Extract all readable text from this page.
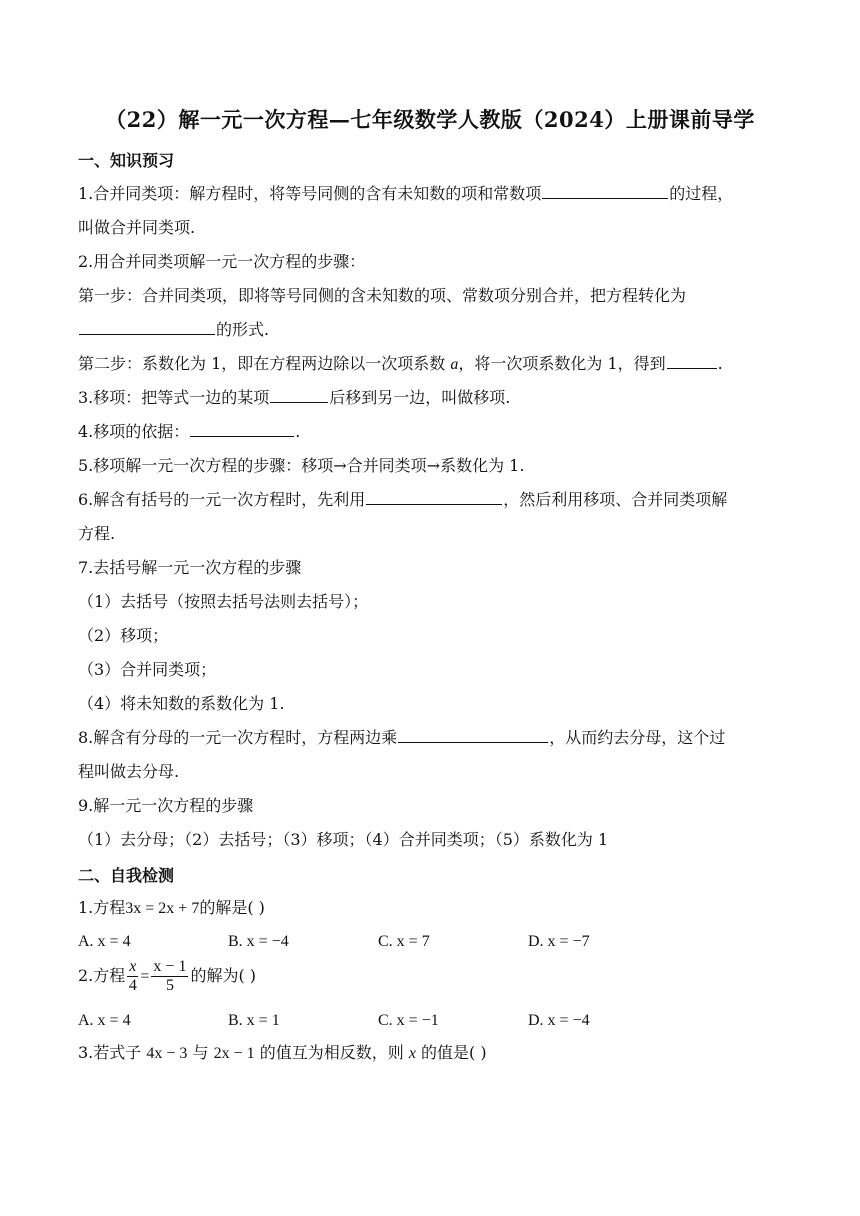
（22）解一元一次方程—七年级数学人教版（2024）上册课前导学
一、知识预习
1.合并同类项：解方程时，将等号同侧的含有未知数的项和常数项	的过程，
叫做合并同类项.
2.用合并同类项解一元一次方程的步骤：
第一步：合并同类项，即将等号同侧的含未知数的项、常数项分别合并，把方程转化为
的形式.
第二步：系数化为 1，即在方程两边除以一次项系数 a，将一次项系数化为 1，得到	.
3.移项：把等式一边的某项	后移到另一边，叫做移项.
4.移项的依据：	.
5.移项解一元一次方程的步骤：移项→合并同类项→系数化为 1.
6.解含有括号的一元一次方程时，先利用	，然后利用移项、合并同类项解
方程.
7.去括号解一元一次方程的步骤
（1）去括号（按照去括号法则去括号）；
（2）移项；
（3）合并同类项；
（4）将未知数的系数化为 1.
8.解含有分母的一元一次方程时，方程两边乘	，从而约去分母，这个过
程叫做去分母.
9.解一元一次方程的步骤
（1）去分母；（2）去括号；（3）移项；（4）合并同类项；（5）系数化为 1
二、自我检测
1.方程3x = 2x + 7的解是( )
A. x = 4	B. x = −4	C. x = 7	D. x = −7
2.方程 $\frac{x}{4} = \frac{x - 1}{5}$ 的解为( )
A. x = 4	B. x = 1	C. x = −1	D. x = −4
3.若式子 4x − 3 与 2x − 1 的值互为相反数，则 x 的值是( )
